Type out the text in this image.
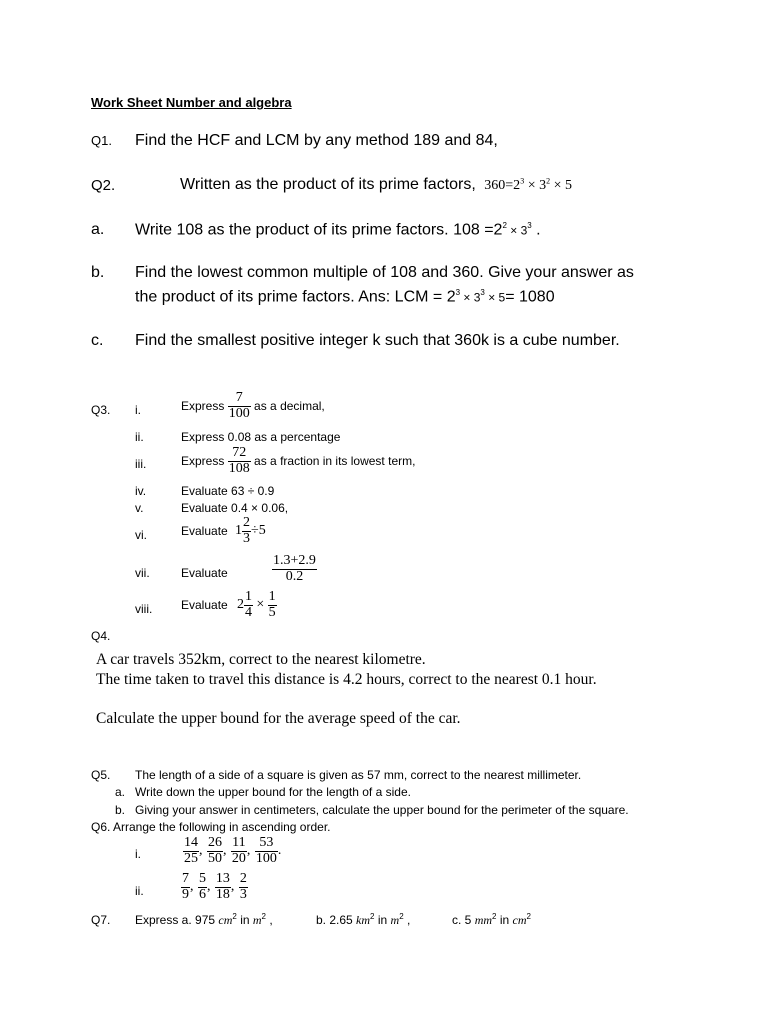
Work Sheet Number and algebra
Q1. Find the HCF and LCM by any method 189 and 84,
Q2.	Written as the product of its prime factors, $360=2^3 \times 3^2 \times 5$
a. Write 108 as the product of its prime factors. $108 =2^2 \times 3^3$ .
b. Find the lowest common multiple of 108 and 360. Give your answer as
the product of its prime factors. Ans: LCM = $2^3 \times 3^3 \times 5= 1080$
c. Find the smallest positive integer k such that 360k is a cube number.
Q3. i.	Express $\frac{7}{100}$ as a decimal,
ii.	Express 0.08 as a percentage
iii.	Express $\frac{72}{108}$ as a fraction in its lowest term,
iv.	Evaluate 63 ÷ 0.9
v.	Evaluate 0.4 × 0.06,
vi.	Evaluate $1 \frac{2}{3} \div 5$
vii.	Evaluate	$\frac{1.3+2.9}{0.2}$
viii. Evaluate $2 \frac{1}{4} \times \frac{1}{5}$
Q4.
A car travels 352km, correct to the nearest kilometre.
The time taken to travel this distance is 4.2 hours, correct to the nearest 0.1 hour.
Calculate the upper bound for the average speed of the car.
Q5. The length of a side of a square is given as 57 mm, correct to the nearest millimeter.
a. Write down the upper bound for the length of a side.
b. Giving your answer in centimeters, calculate the upper bound for the perimeter of the square.
Q6. Arrange the following in ascending order.
i.	$\frac{14}{25}$ , $\frac{26}{50}$ , $\frac{11}{20}$ , $\frac{53}{100}$ .
ii.	$\frac{7}{9}$ , $\frac{5}{6}$ , $\frac{13}{18}$ , $\frac{2}{3}$
Q7. Express a. 975 $cm^2$ in $m^2$ ,	b. 2.65 $km^2$ in $m^2$ ,	c. 5 $mm^2$ in $cm^2$
